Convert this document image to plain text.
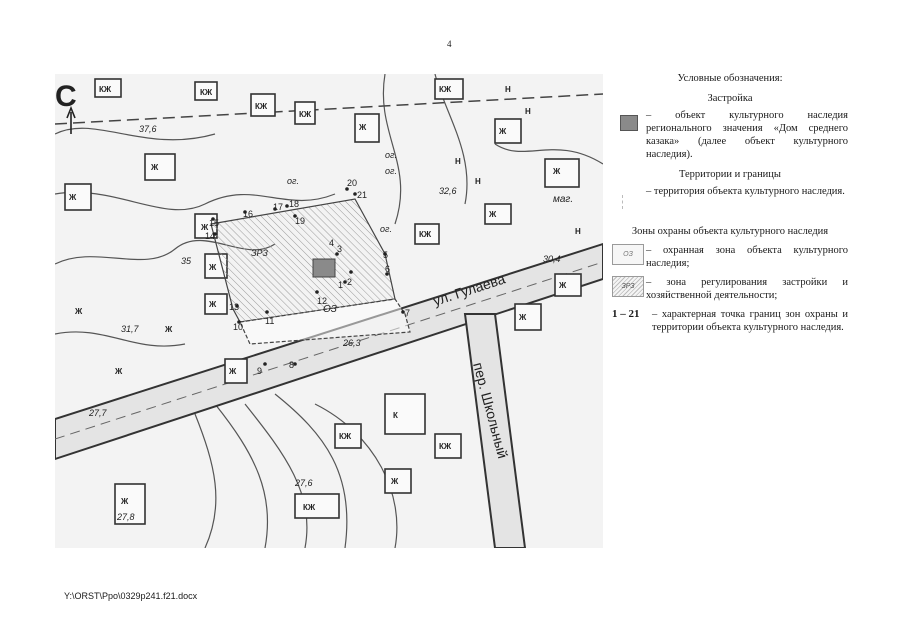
4
С
ул. Гулаева
пер. Школьный
ЗРЗ
ОЗ
маг.
ог.
ог.
ог.
ог.
КЖ	КЖ
КЖ
КЖ
КЖ
КЖ
КЖ
КЖ
КЖ
Ж
Ж
Ж
Ж
Ж
Ж
Ж
Ж
Ж
Ж
Ж
Ж
Ж
Ж
Ж
Ж
Ж
К
Н
Н
Н
Н
Н
37,6
32,6
30,4
35
31,7
26,3
27,7
27,6
27,8
1 2
3
4
5
6
7
8
9
10
11
12
13
14
15
16
17 18
19
20
21

Условные обозначения:

Застройка

– объект культурного наследия регионального значения «Дом среднего казака» (далее объект культурного наследия).

Территории и границы

– территория объекта культурного наследия.

Зоны охраны объекта культурного наследия

ОЗ	– охранная зона объекта культурного наследия;
ЗРЗ	– зона регулирования застройки и хозяйственной деятельности;
1 – 21	– характерная точка границ зон охраны и территории объекта культурного наследия.
Y:\ORST\Ppo\0329p241.f21.docx
